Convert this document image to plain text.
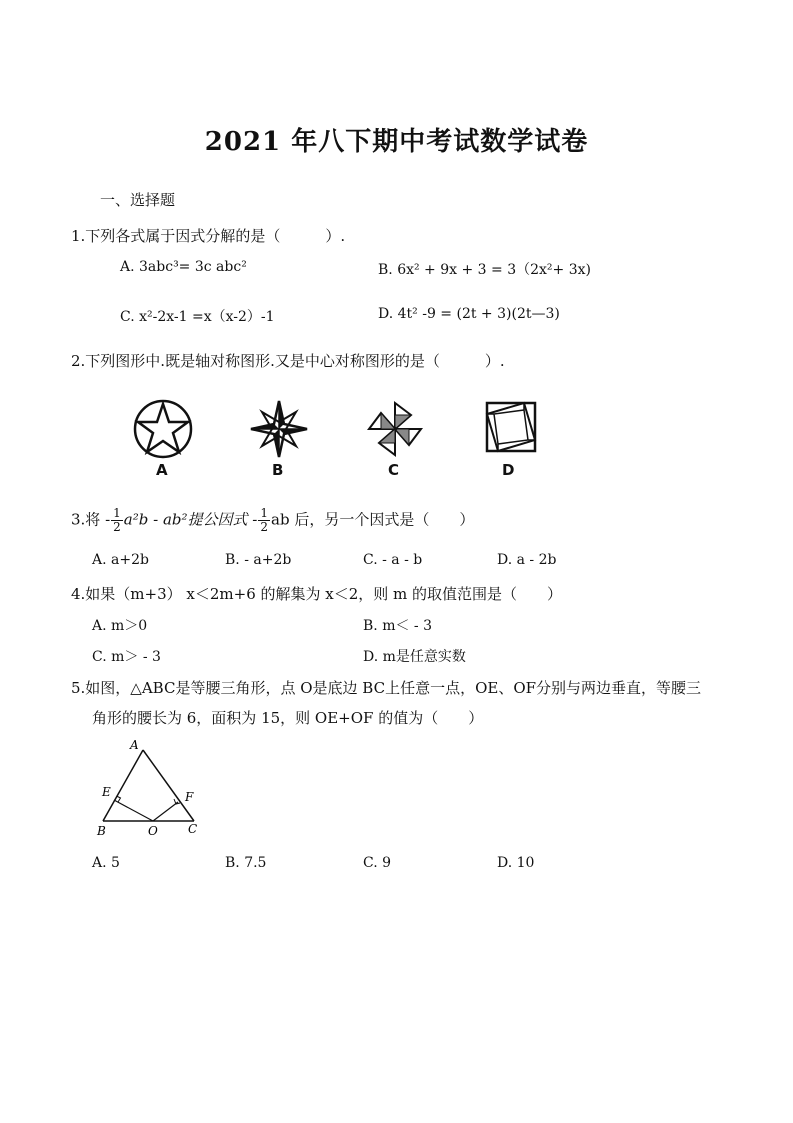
2021 年八下期中考试数学试卷
一、选择题
1.下列各式属于因式分解的是（　　　）.
A. 3abc³= 3c abc²	B. 6x² + 9x + 3 = 3（2x²+ 3x)
C. x²-2x-1 =x（x-2）-1	D. 4t² -9 = (2t + 3)(2t—3)
2.下列图形中.既是轴对称图形.又是中心对称图形的是（　　　）.
A	B	C	D
3.将 - $\frac{1}{2} a^2b - ab^2$提公因式 - $\frac{1}{2}$ ab 后，另一个因式是（　　）
A. a+2b	B. - a+2b	C. - a - b	D. a - 2b
4.如果（m+3） x＜2m+6 的解集为 x＜2，则 m 的取值范围是（　　）
A. m＞0	B. m＜ - 3
C. m＞ - 3	D. m是任意实数
5.如图，△ABC是等腰三角形，点 O是底边 BC上任意一点，OE、OF分别与两边垂直，等腰三
角形的腰长为 6，面积为 15，则 OE+OF 的值为（　　）
A
B	C
E	F
O
A. 5	B. 7.5	C. 9	D. 10
